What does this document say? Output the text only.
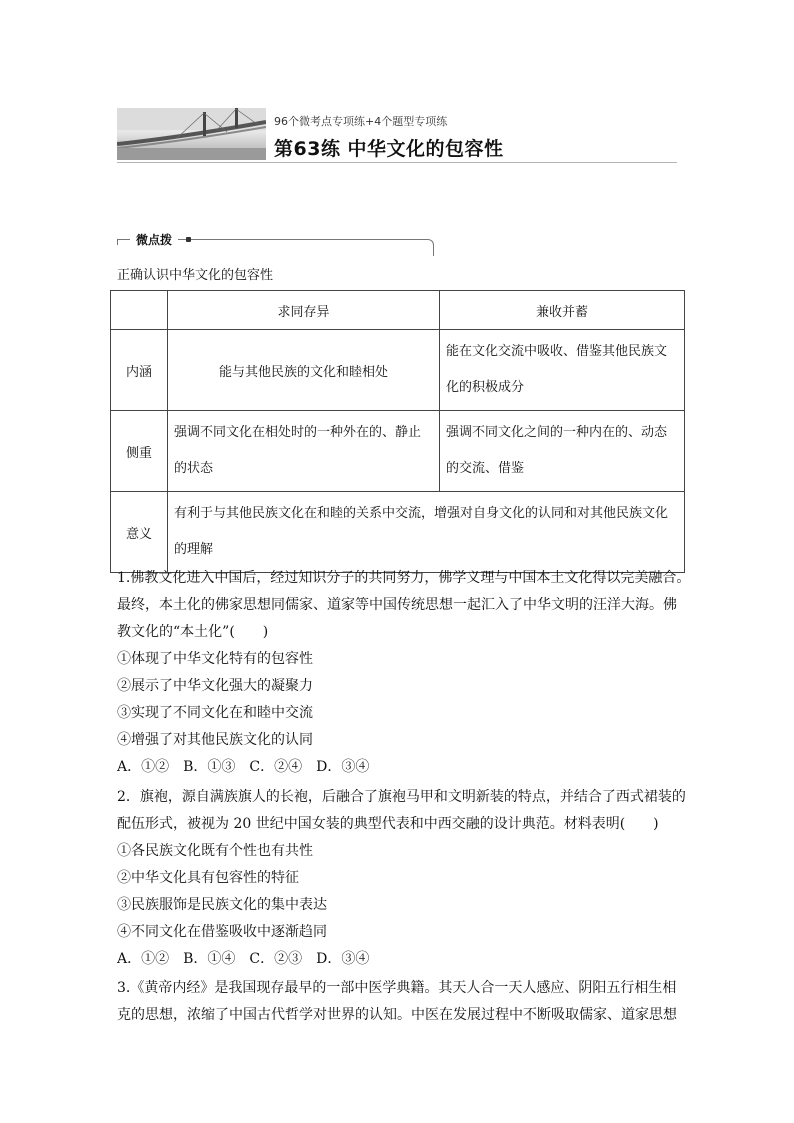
96个微考点专项练+4个题型专项练
第63练 中华文化的包容性
微点拨
正确认识中华文化的包容性
	求同存异	兼收并蓄
内涵	能与其他民族的文化和睦相处	能在文化交流中吸收、借鉴其他民族文化的积极成分
侧重	强调不同文化在相处时的一种外在的、静止的状态	强调不同文化之间的一种内在的、动态的交流、借鉴
意义	有利于与其他民族文化在和睦的关系中交流，增强对自身文化的认同和对其他民族文化的理解	
1.佛教文化进入中国后，经过知识分子的共同努力，佛学义理与中国本土文化得以完美融合。
最终，本土化的佛家思想同儒家、道家等中国传统思想一起汇入了中华文明的汪洋大海。佛
教文化的“本土化”(　　)
①体现了中华文化特有的包容性
②展示了中华文化强大的凝聚力
③实现了不同文化在和睦中交流
④增强了对其他民族文化的认同
A．①②　B．①③　C．②④　D．③④
2．旗袍，源自满族旗人的长袍，后融合了旗袍马甲和文明新装的特点，并结合了西式裙装的
配伍形式，被视为 20 世纪中国女装的典型代表和中西交融的设计典范。材料表明(　　)
①各民族文化既有个性也有共性
②中华文化具有包容性的特征
③民族服饰是民族文化的集中表达
④不同文化在借鉴吸收中逐渐趋同
A．①②　B．①④　C．②③　D．③④
3.《黄帝内经》是我国现存最早的一部中医学典籍。其天人合一天人感应、阴阳五行相生相
克的思想，浓缩了中国古代哲学对世界的认知。中医在发展过程中不断吸取儒家、道家思想
